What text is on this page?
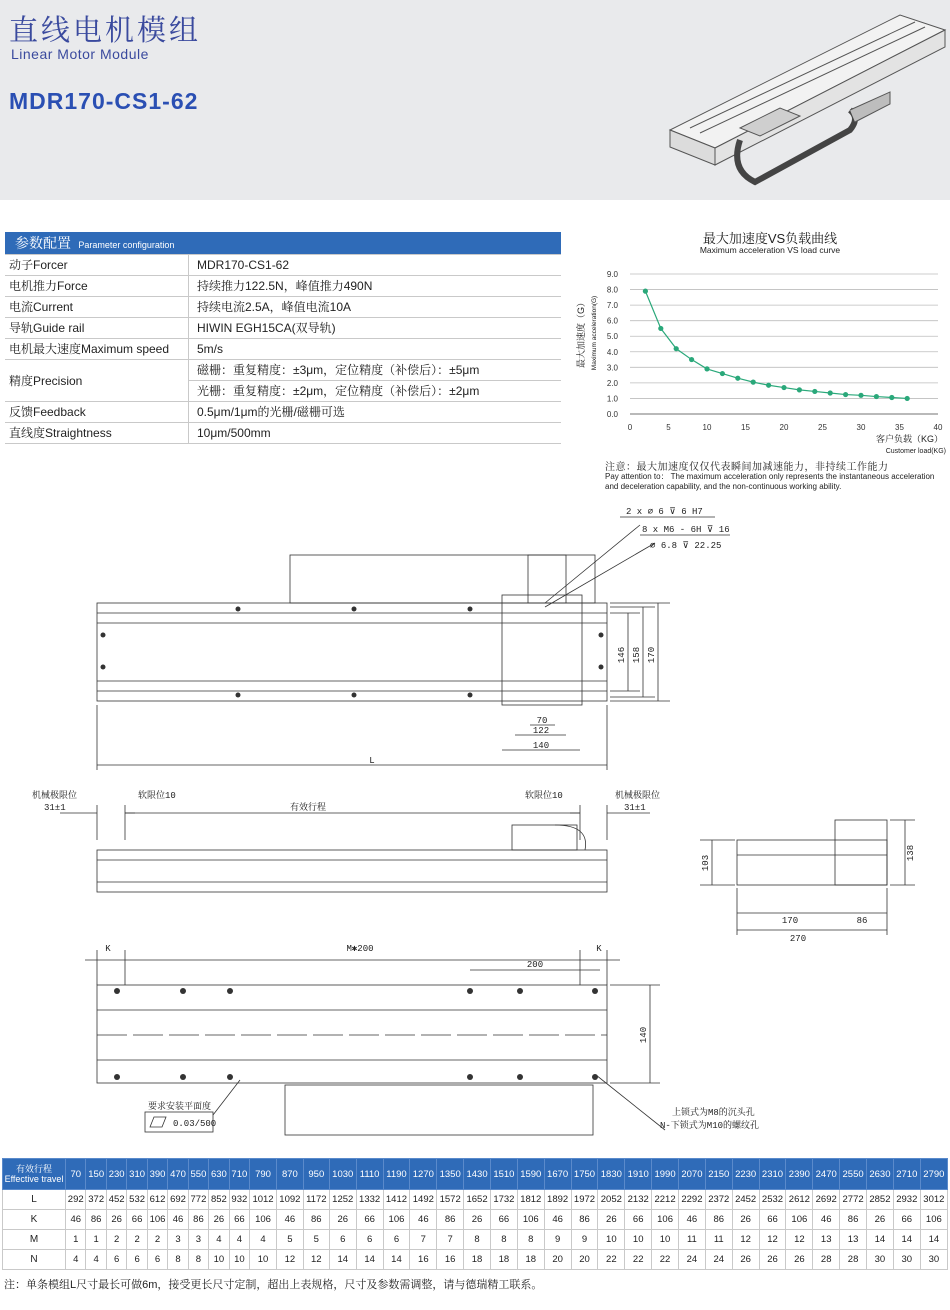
直线电机模组
Linear Motor Module
MDR170-CS1-62
参数配置 Parameter configuration	
动子Forcer	MDR170-CS1-62
电机推力Force	持续推力122.5N，峰值推力490N
电流Current	持续电流2.5A，峰值电流10A
导轨Guide rail	HIWIN EGH15CA(双导轨)
电机最大速度Maximum speed	5m/s
精度Precision	磁栅：重复精度：±3μm，定位精度（补偿后）：±5μm
	光栅：重复精度：±2μm，定位精度（补偿后）：±2μm
反馈Feedback	0.5μm/1μm的光栅/磁栅可选
直线度Straightness	10μm/500mm
最大加速度VS负载曲线
Maximum acceleration VS load curve
最大加速度（G） Maximum acceleration(G)
客户负载（KG）
Customer load(KG)
0.0
1.0
2.0
3.0
4.0
5.0
6.0
7.0
8.0
9.0
0	5	10	15	20	25	30	35	40
注意：最大加速度仅仅代表瞬间加减速能力，非持续工作能力
Pay attention to： The maximum acceleration only represents the instantaneous acceleration and deceleration capability, and the non-continuous working ability.
2 x ⌀ 6 ⊽ 6 H7
8 x M6 - 6H ⊽ 16
⌀ 6.8 ⊽ 22.25
146 158 170
70
122
140
L
机械极限位
31±1
软限位10
有效行程
软限位10	机械极限位
31±1
103
138
170	86
270
K	M✱200	K
200
140
要求安装平面度
0.03/500
上锁式为M8的沉头孔
N-下锁式为M10的螺纹孔
有效行程
Effective travel	70	150	230	310	390	470	550	630	710	790	870	950	1030	1110	1190	1270	1350	1430	1510	1590	1670	1750	1830	1910	1990	2070	2150	2230	2310	2390	2470	2550	2630	2710	2790
L	292	372	452	532	612	692	772	852	932	1012	1092	1172	1252	1332	1412	1492	1572	1652	1732	1812	1892	1972	2052	2132	2212	2292	2372	2452	2532	2612	2692	2772	2852	2932	3012
K	46	86	26	66	106	46	86	26	66	106	46	86	26	66	106	46	86	26	66	106	46	86	26	66	106	46	86	26	66	106	46	86	26	66	106
M	1	1	2	2	2	3	3	4	4	4	5	5	6	6	6	7	7	8	8	8	9	9	10	10	10	11	11	12	12	12	13	13	14	14	14
N	4	4	6	6	6	8	8	10	10	10	12	12	14	14	14	16	16	18	18	18	20	20	22	22	22	24	24	26	26	26	28	28	30	30	30
注：单条模组L尺寸最长可做6m，接受更长尺寸定制，超出上表规格，尺寸及参数需调整，请与德瑞精工联系。
